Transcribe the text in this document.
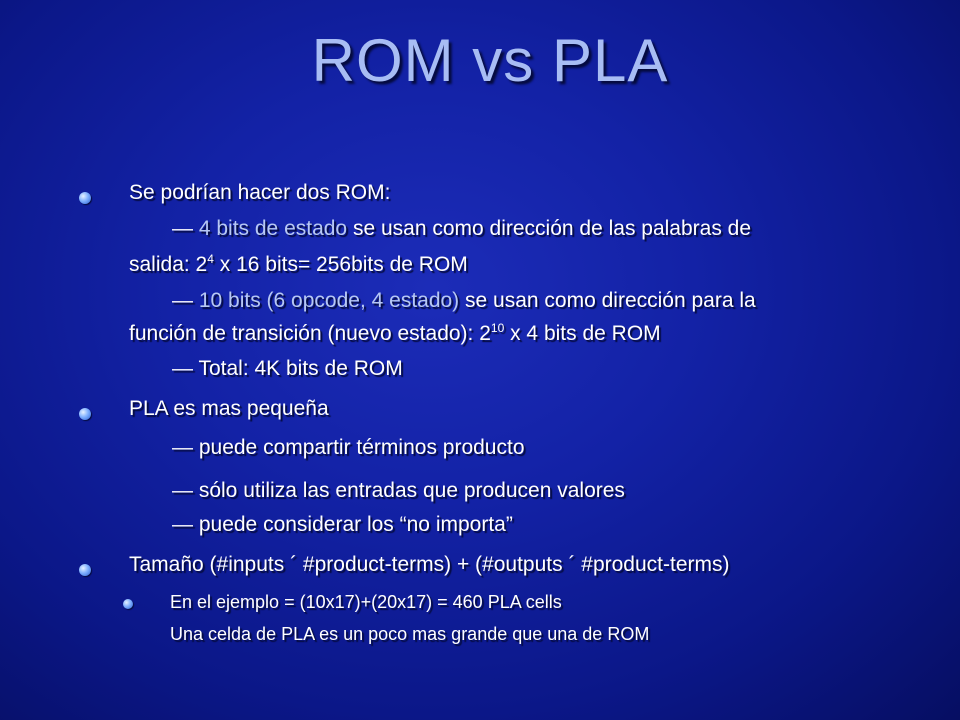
ROM vs PLA
Se podrían hacer dos ROM:
— 4 bits de estado se usan como dirección de las palabras de
salida: $2^4$ x 16 bits= 256bits de ROM
— 10 bits (6 opcode, 4 estado) se usan como dirección para la
función de transición (nuevo estado): $2^{10}$ x 4 bits de ROM
— Total: 4K bits de ROM
PLA es mas pequeña
— puede compartir términos producto
— sólo utiliza las entradas que producen valores
— puede considerar los “no importa”
Tamaño (#inputs ´ #product-terms) + (#outputs ´ #product-terms)
En el ejemplo = (10x17)+(20x17) = 460 PLA cells
Una celda de PLA es un poco mas grande que una de ROM
